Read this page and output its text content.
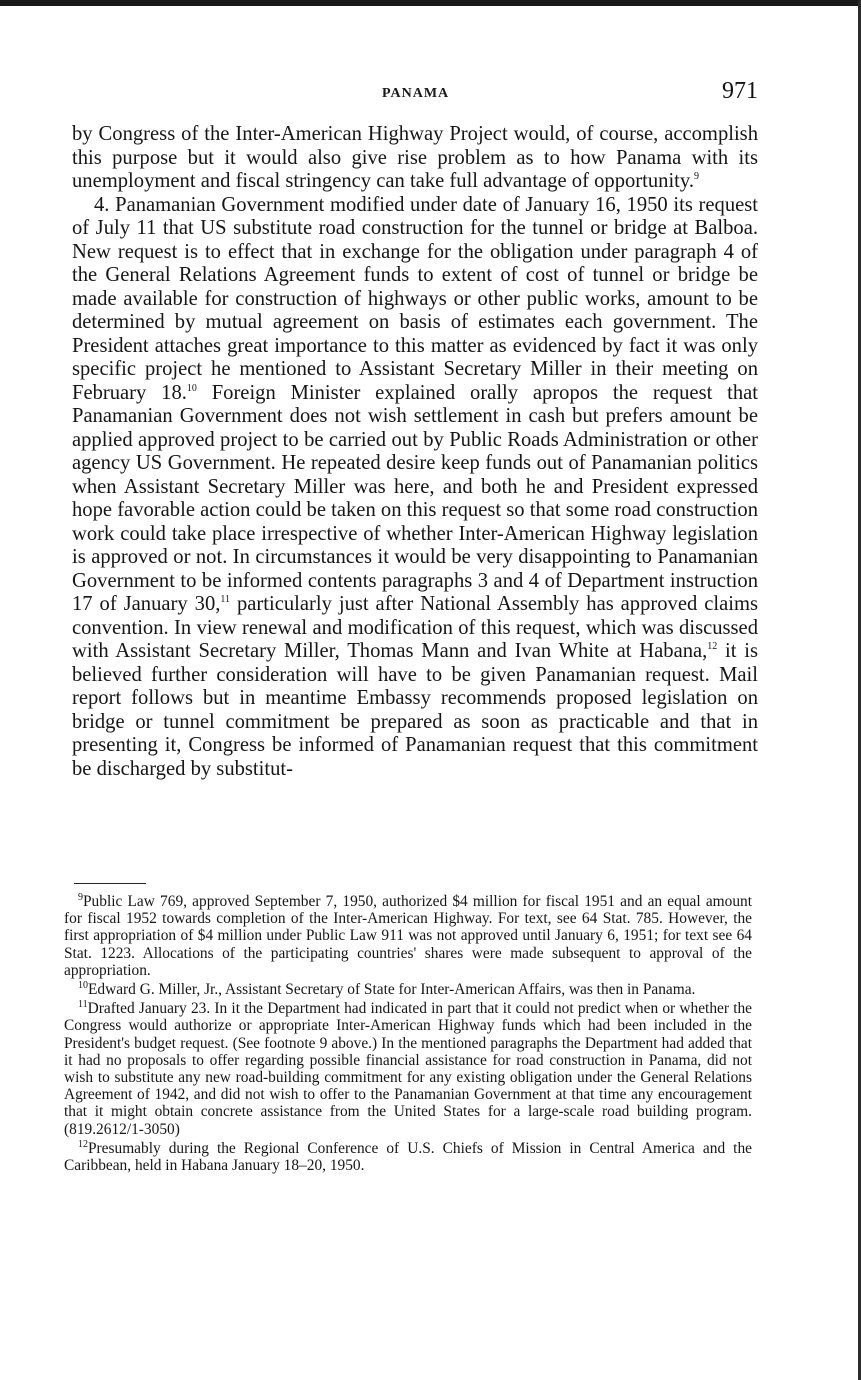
PANAMA	971

by Congress of the Inter-American Highway Project would, of course, accomplish this purpose but it would also give rise problem as to how Panama with its unemployment and fiscal stringency can take full advantage of opportunity.$^9$

4. Panamanian Government modified under date of January 16, 1950 its request of July 11 that US substitute road construction for the tunnel or bridge at Balboa. New request is to effect that in exchange for the obligation under paragraph 4 of the General Relations Agreement funds to extent of cost of tunnel or bridge be made available for construction of highways or other public works, amount to be determined by mutual agreement on basis of estimates each government. The President attaches great importance to this matter as evidenced by fact it was only specific project he mentioned to Assistant Secretary Miller in their meeting on February 18.10 Foreign Minister explained orally apropos the request that Panamanian Government does not wish settlement in cash but prefers amount be applied approved project to be carried out by Public Roads Administration or other agency US Government. He repeated desire keep funds out of Panamanian politics when Assistant Secretary Miller was here, and both he and President expressed hope favorable action could be taken on this request so that some road construction work could take place irrespective of whether Inter-American Highway legislation is approved or not. In circumstances it would be very disappointing to Panamanian Government to be informed contents paragraphs 3 and 4 of Department instruction 17 of January 30,11 particularly just after National Assembly has approved claims convention. In view renewal and modification of this request, which was discussed with Assistant Secretary Miller, Thomas Mann and Ivan White at Habana,$^{12}$ it is believed further consideration will have to be given Panamanian request. Mail report follows but in meantime Embassy recommends proposed legislation on bridge or tunnel commitment be prepared as soon as practicable and that in presenting it, Congress be informed of Panamanian request that this commitment be discharged by substitut-

$^9$Public Law 769, approved September 7, 1950, authorized $4 million for fiscal 1951 and an equal amount for fiscal 1952 towards completion of the Inter-American Highway. For text, see 64 Stat. 785. However, the first appropriation of $4 million under Public Law 911 was not approved until January 6, 1951; for text see 64 Stat. 1223. Allocations of the participating countries' shares were made subsequent to approval of the appropriation.

$^{10}$Edward G. Miller, Jr., Assistant Secretary of State for Inter-American Affairs, was then in Panama.

$^{11}$Drafted January 23. In it the Department had indicated in part that it could not predict when or whether the Congress would authorize or appropriate Inter-American Highway funds which had been included in the President's budget request. (See footnote 9 above.) In the mentioned paragraphs the Department had added that it had no proposals to offer regarding possible financial assistance for road construction in Panama, did not wish to substitute any new road-building commitment for any existing obligation under the General Relations Agreement of 1942, and did not wish to offer to the Panamanian Government at that time any encouragement that it might obtain concrete assistance from the United States for a large-scale road building program. (819.2612/1-3050)

$^{12}$Presumably during the Regional Conference of U.S. Chiefs of Mission in Central America and the Caribbean, held in Habana January 18–20, 1950.
